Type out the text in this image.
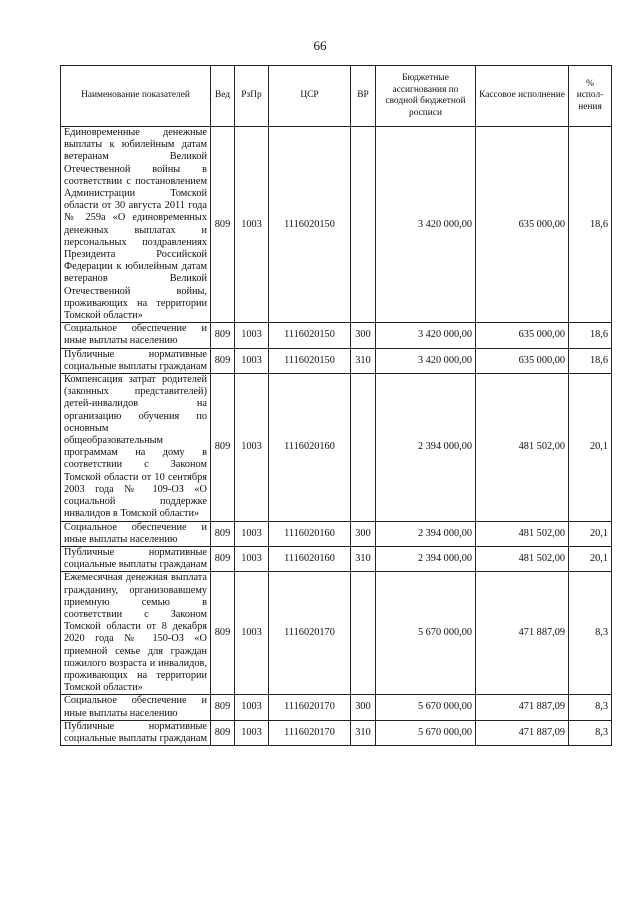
66
Наименование показателей	Вед	РзПр	ЦСР	ВР	Бюджетные ассигнования по сводной бюджетной росписи	Кассовое исполнение	% испол-нения
Единовременные денежные выплаты к юбилейным датам ветеранам Великой Отечественной войны в соответствии с постановлением Администрации Томской области от 30 августа 2011 года № 259а «О единовременных денежных выплатах и персональных поздравлениях Президента Российской Федерации к юбилейным датам ветеранов Великой Отечественной войны, проживающих на территории Томской области»	809	1003	1116020150		3 420 000,00	635 000,00	18,6
Социальное обеспечение и иные выплаты населению	809	1003	1116020150	300	3 420 000,00	635 000,00	18,6
Публичные нормативные социальные выплаты гражданам	809	1003	1116020150	310	3 420 000,00	635 000,00	18,6
Компенсация затрат родителей (законных представителей) детей-инвалидов на организацию обучения по основным общеобразовательным программам на дому в соответствии с Законом Томской области от 10 сентября 2003 года № 109-ОЗ «О социальной поддержке инвалидов в Томской области»	809	1003	1116020160		2 394 000,00	481 502,00	20,1
Социальное обеспечение и иные выплаты населению	809	1003	1116020160	300	2 394 000,00	481 502,00	20,1
Публичные нормативные социальные выплаты гражданам	809	1003	1116020160	310	2 394 000,00	481 502,00	20,1
Ежемесячная денежная выплата гражданину, организовавшему приемную семью в соответствии с Законом Томской области от 8 декабря 2020 года № 150-ОЗ «О приемной семье для граждан пожилого возраста и инвалидов, проживающих на территории Томской области»	809	1003	1116020170		5 670 000,00	471 887,09	8,3
Социальное обеспечение и иные выплаты населению	809	1003	1116020170	300	5 670 000,00	471 887,09	8,3
Публичные нормативные социальные выплаты гражданам	809	1003	1116020170	310	5 670 000,00	471 887,09	8,3
